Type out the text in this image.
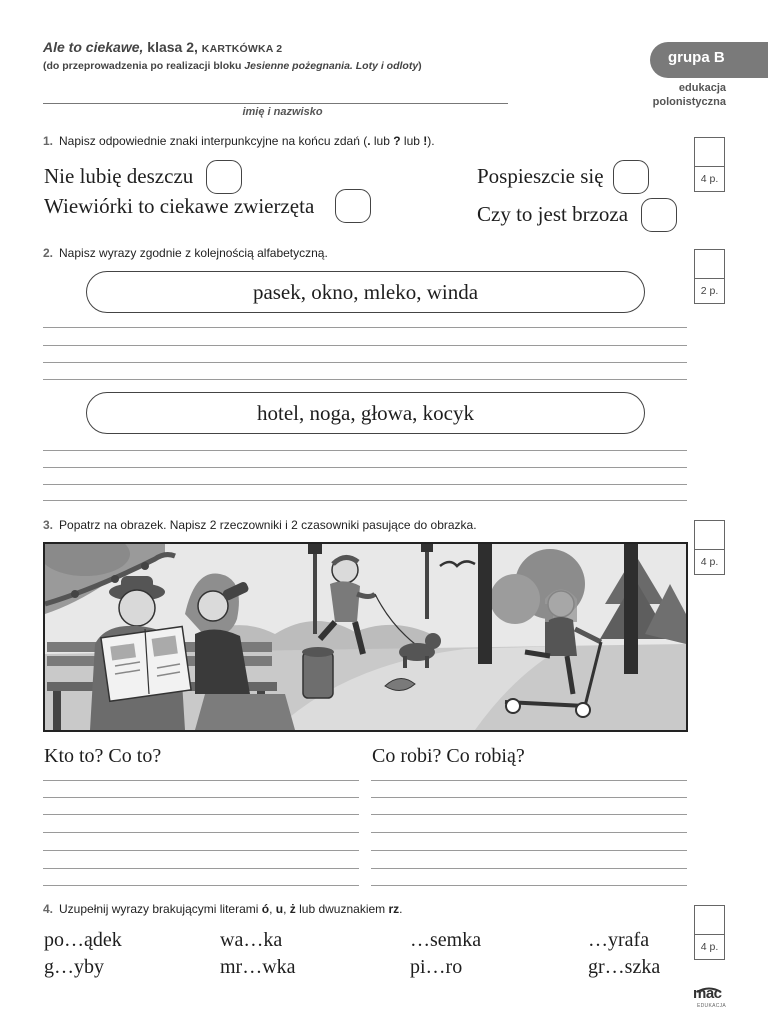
Ale to ciekawe, klasa 2, KARTKÓWKA 2
(do przeprowadzenia po realizacji bloku Jesienne pożegnania. Loty i odloty)
imię i nazwisko
grupa B
edukacja
polonistyczna
1. Napisz odpowiednie znaki interpunkcyjne na końcu zdań (. lub ? lub !).
Nie lubię deszczu
Wiewiórki to ciekawe zwierzęta
Pospieszcie się
Czy to jest brzoza
4 p.
2. Napisz wyrazy zgodnie z kolejnością alfabetyczną.
2 p.
pasek, okno, mleko, winda
hotel, noga, głowa, kocyk
3. Popatrz na obrazek. Napisz 2 rzeczowniki i 2 czasowniki pasujące do obrazka.
4 p.
Kto to? Co to?	Co robi? Co robią?
4. Uzupełnij wyrazy brakującymi literami ó, u, ż lub dwuznakiem rz.
4 p.
po…ądek	wa…ka	…semka	…yrafa
g…yby	mr…wka	pi…ro	gr…szka
mac
EDUKACJA
